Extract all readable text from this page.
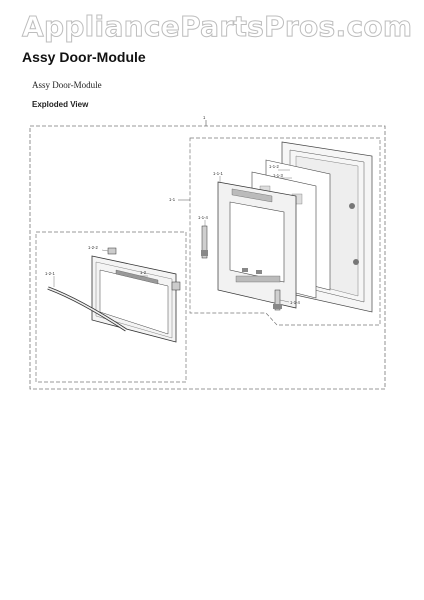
AppliancePartsPros.com
Assy Door-Module
Assy Door-Module
Exploded View
1
1-1
1-1-4
1-1-4
1-1-1
1-1-2
1-1-3
1-2
1-2-2
1-2-1
